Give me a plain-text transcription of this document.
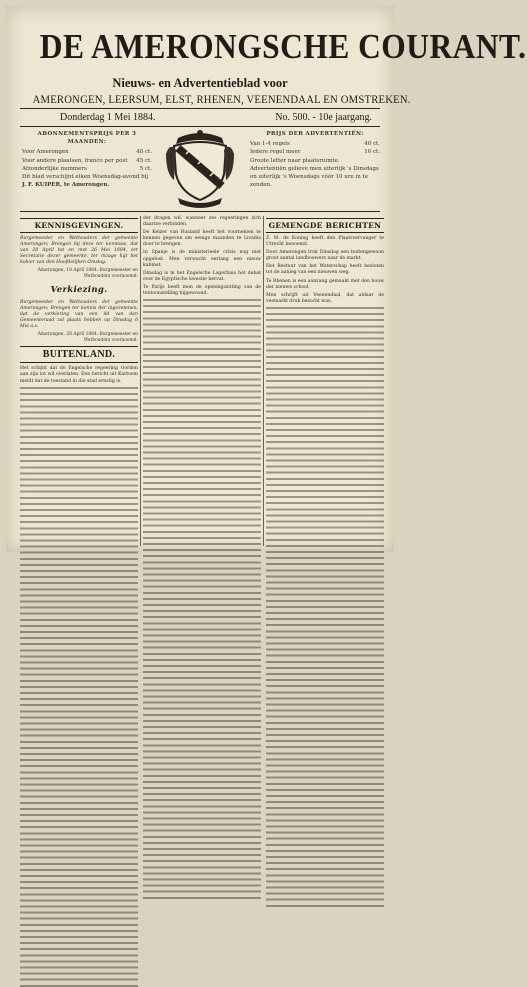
DE AMERONGSCHE COURANT.
Nieuws- en Advertentieblad voor
AMERONGEN, LEERSUM, ELST, RHENEN, VEENENDAAL EN OMSTREKEN.
Donderdag 1 Mei 1884.	No. 500. - 10e jaargang.
ABONNEMENTSPRIJS PER 3 MAANDEN:
Voor Amerongen	40 ct.
Voor andere plaatsen, franco per post 45 ct.
Afzonderlijke nummers	5 ct.
Dit blad verschijnt elken Woensdag-avond bij
J. F. KUIPER, te Amerongen.
PRIJS DER ADVERTENTIËN:
Van 1-4 regels	40 ct.
Iedere regel meer	10 ct.
Groote letter naar plaatsruimte.
Advertentiën gelieve men uiterlijk 's Dinsdags en uiterlijk 's Woensdags vóór 10 ure in te zenden.
KENNISGEVINGEN.
Burgemeester en Wethouders der gemeente Amerongen; Brengen bij deze ter kennisse, dat van 28 April tot en met 26 Mei 1884, ter Secretarie dezer gemeente, ter inzage ligt het kohier van den Hoofdelijken Omslag.
Amerongen, 18 April 1884. Burgemeester en Wethouders voornoemd.
Verkiezing.
Burgemeester en Wethouders der gemeente Amerongen; Brengen ter kennis der ingezetenen, dat de verkiezing van een lid van den Gemeenteraad zal plaats hebben op Dinsdag 6 Mei a.s.
Amerongen, 28 April 1884. Burgemeester en Wethouders voornoemd.
BUITENLAND.
Het schijnt dat de Engelsche regeering Gordon aan zijn lot wil overlaten. Een bericht uit Kartoem meldt dat de toestand in die stad ernstig is.
der dragen wil, wanneer zes regeeringen zich daartoe verbinden.
De Keizer van Rusland heeft het voornemen te kennen gegeven om eenige maanden te Livadia door te brengen.
In Spanje is de ministerieele crisis nog niet opgelost. Men verwacht eerlang een nieuw kabinet.
Dinsdag is in het Engelsche Lagerhuis het debat over de Egyptische kwestie hervat.
Te Parijs heeft men de openingszitting van de tentoonstelling bijgewoond.
GEMENGDE BERICHTEN
Z. M. de Koning heeft den Plaatsvervanger te Utrecht benoemd.
Door Amerongen trok Dinsdag een buitengewoon groot aantal landbouwers naar de markt.
Het Bestuur van het Waterschap heeft besloten tot de aanleg van een nieuwen weg.
Te Rhenen is een aanvang gemaakt met den bouw der nieuwe school.
Men schrijft uit Veenendaal, dat aldaar de veemarkt druk bezocht was.
